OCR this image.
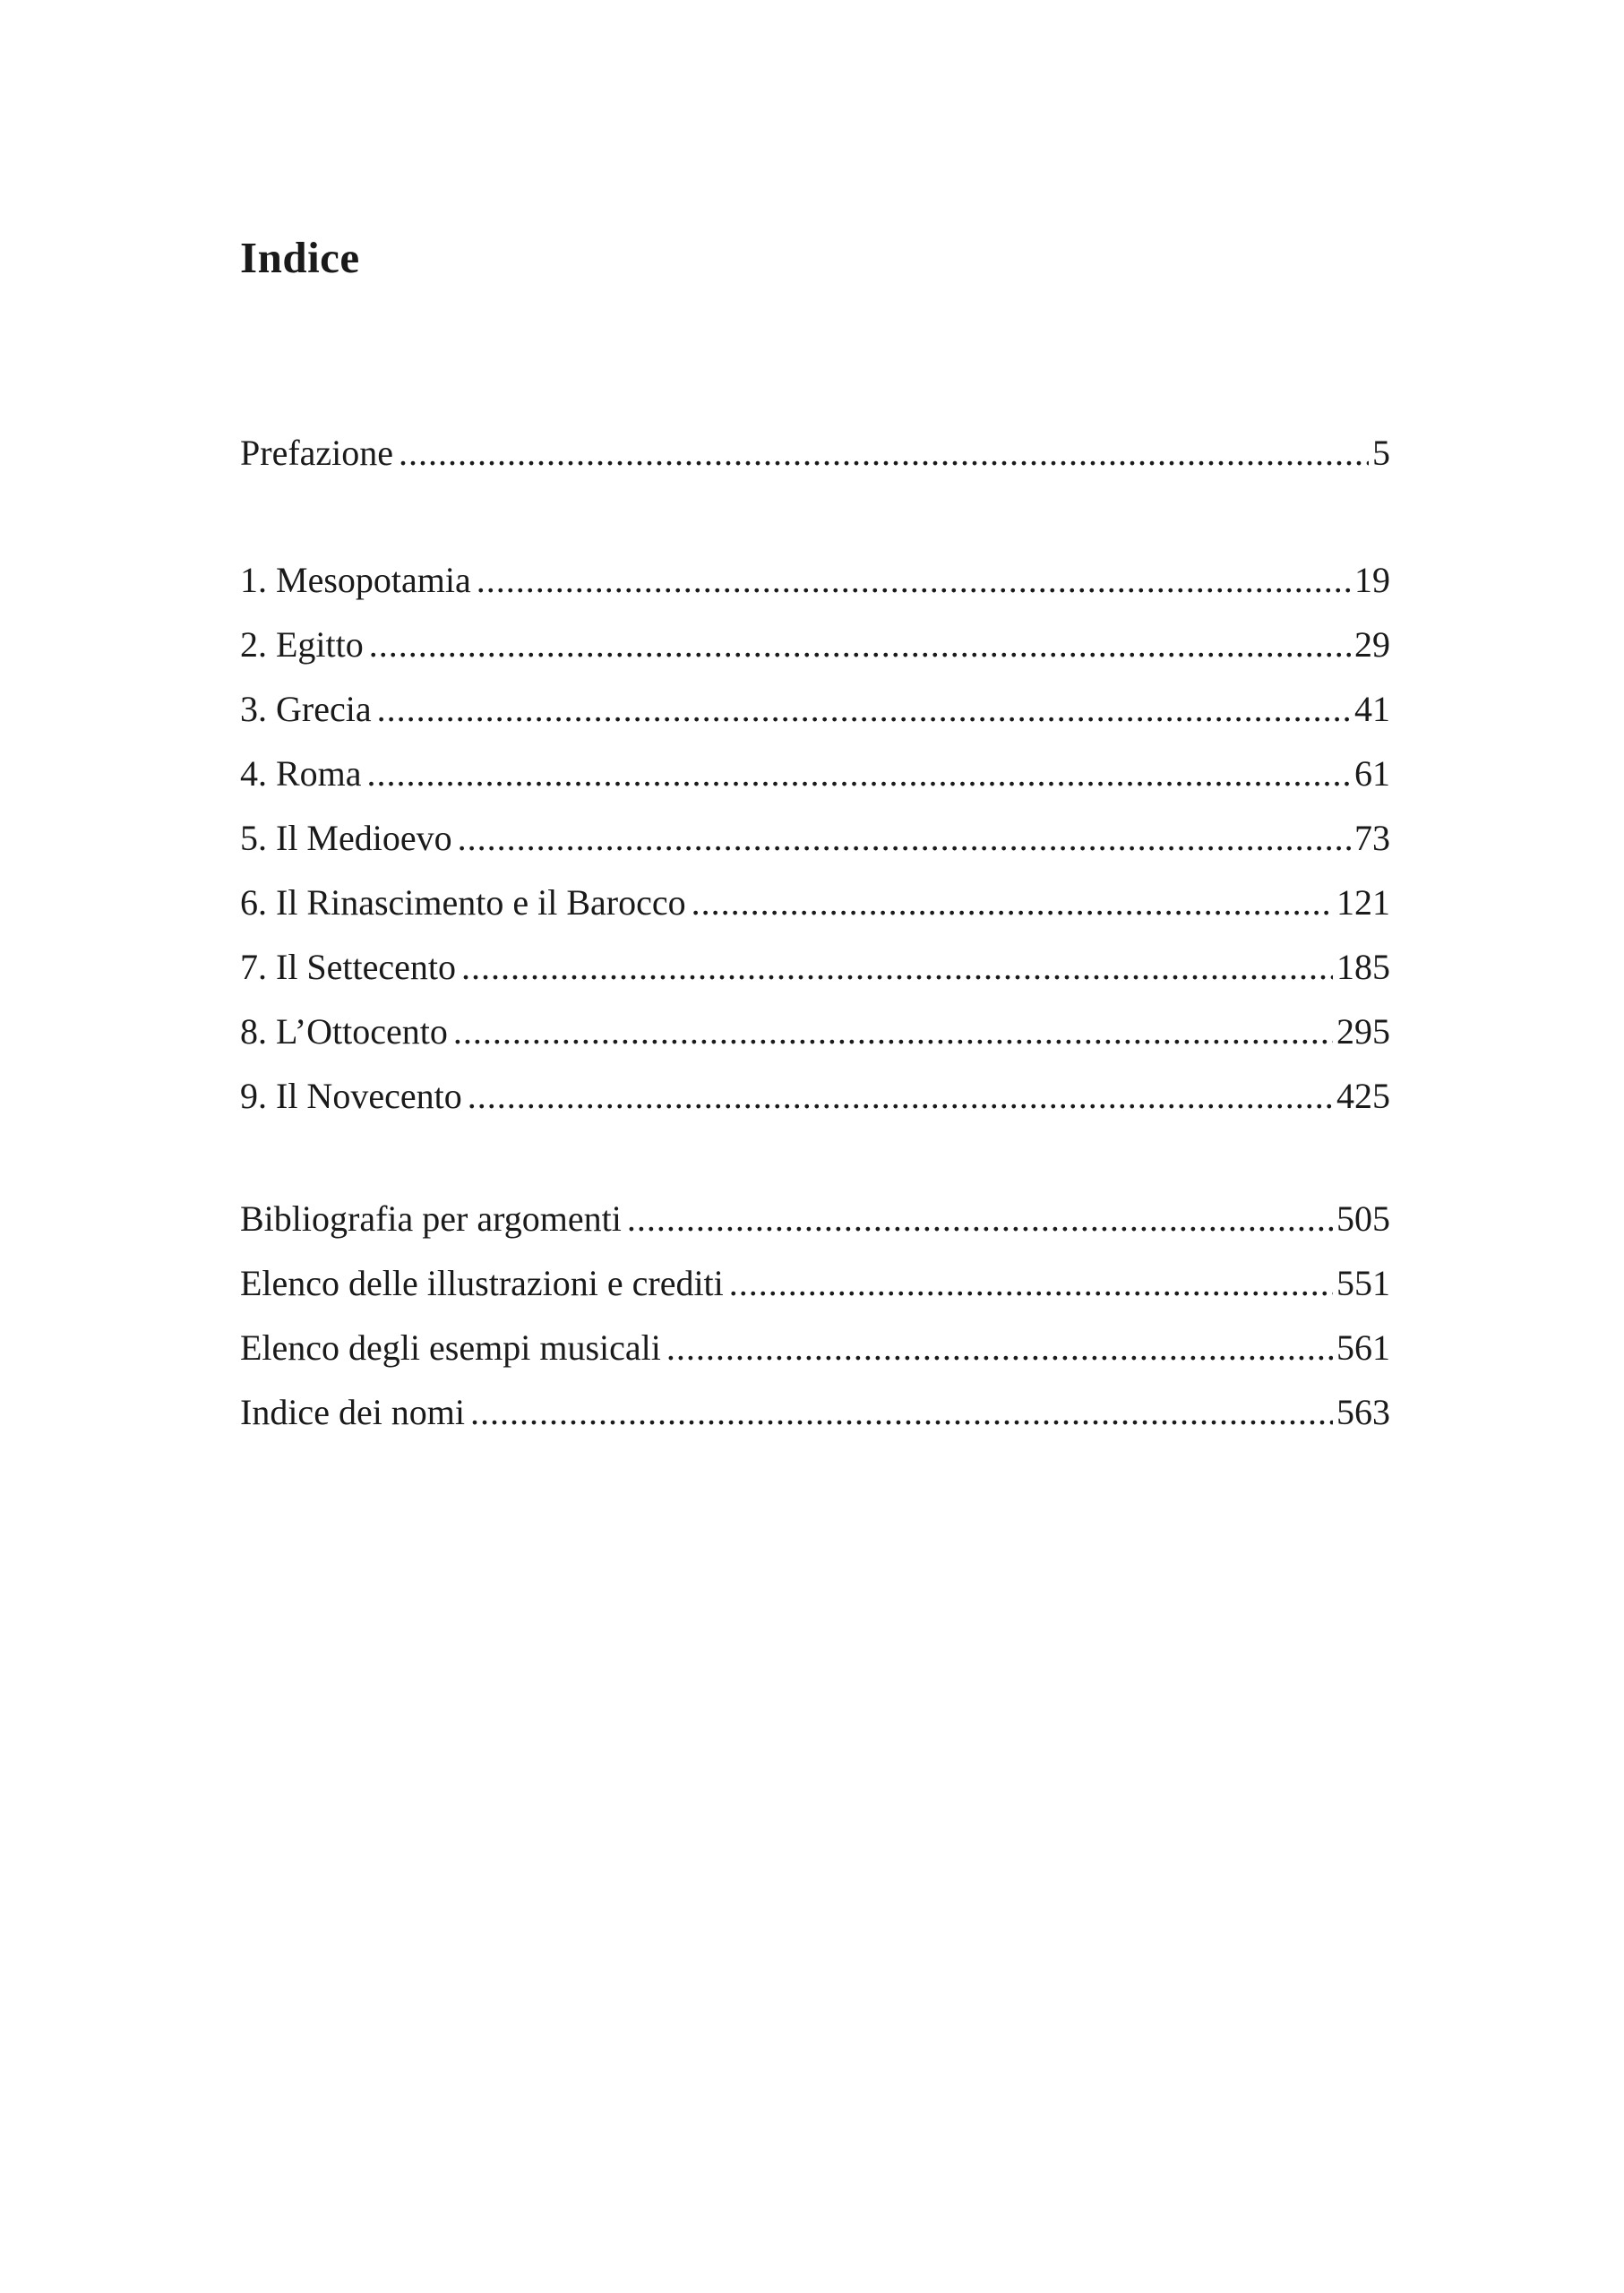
Indice
Prefazione .....	5
1. Mesopotamia .....	19
2. Egitto .....	29
3. Grecia .....	41
4. Roma .....	61
5. Il Medioevo .....	73
6. Il Rinascimento e il Barocco .....	121
7. Il Settecento .....	185
8. L’Ottocento .....	295
9. Il Novecento .....	425
Bibliografia per argomenti .....	505
Elenco delle illustrazioni e crediti .....	551
Elenco degli esempi musicali .....	561
Indice dei nomi .....	563
